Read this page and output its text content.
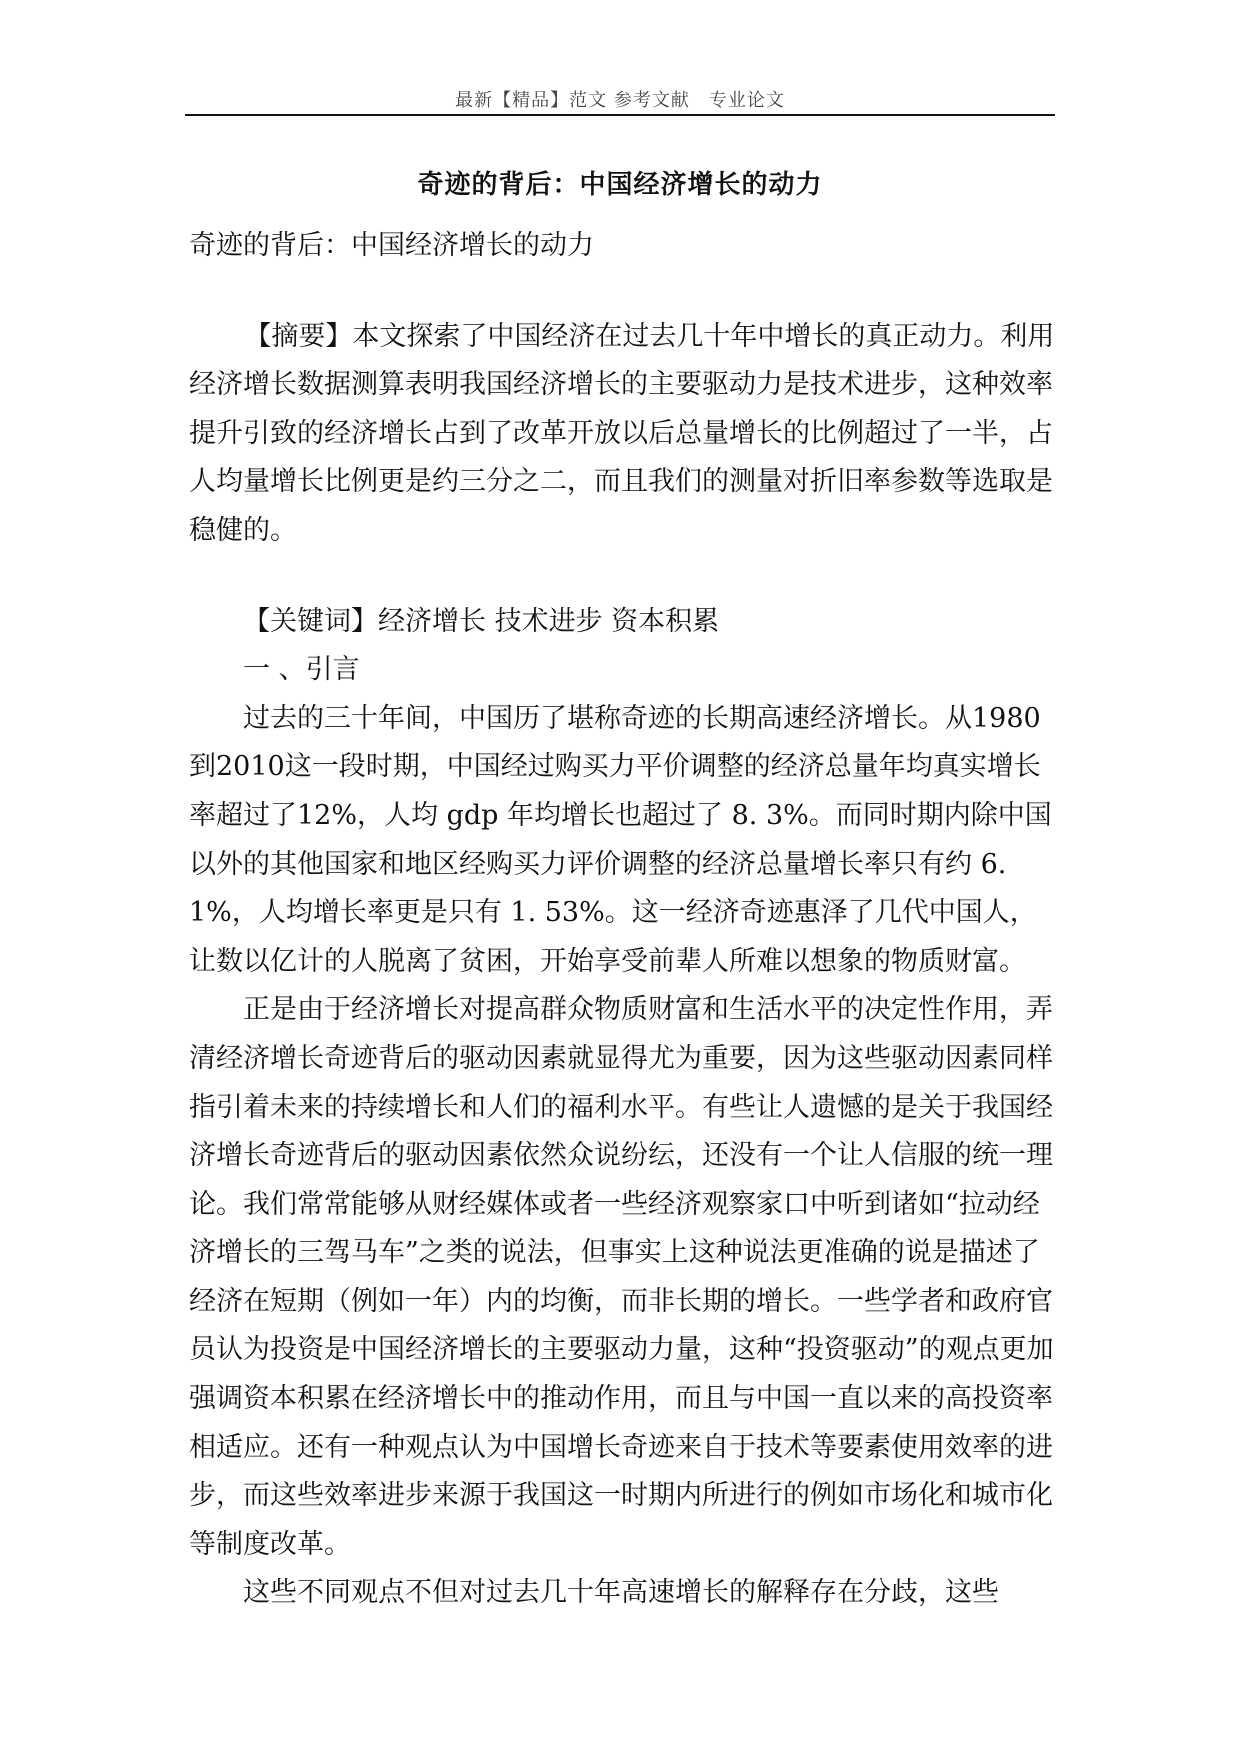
最新【精品】范文 参考文献　专业论文
奇迹的背后：中国经济增长的动力

奇迹的背后：中国经济增长的动力

【摘要】本文探索了中国经济在过去几十年中增长的真正动力。利用经济增长数据测算表明我国经济增长的主要驱动力是技术进步，这种效率提升引致的经济增长占到了改革开放以后总量增长的比例超过了一半，占人均量增长比例更是约三分之二，而且我们的测量对折旧率参数等选取是稳健的。

【关键词】经济增长 技术进步 资本积累

一 、引言

过去的三十年间，中国历了堪称奇迹的长期高速经济增长。从1980到2010这一段时期，中国经过购买力平价调整的经济总量年均真实增长率超过了12%，人均 gdp 年均增长也超过了 8. 3%。而同时期内除中国以外的其他国家和地区经购买力评价调整的经济总量增长率只有约 6. 1%，人均增长率更是只有 1. 53%。这一经济奇迹惠泽了几代中国人，让数以亿计的人脱离了贫困，开始享受前辈人所难以想象的物质财富。

正是由于经济增长对提高群众物质财富和生活水平的决定性作用，弄清经济增长奇迹背后的驱动因素就显得尤为重要，因为这些驱动因素同样指引着未来的持续增长和人们的福利水平。有些让人遗憾的是关于我国经济增长奇迹背后的驱动因素依然众说纷纭，还没有一个让人信服的统一理论。我们常常能够从财经媒体或者一些经济观察家口中听到诸如“拉动经济增长的三驾马车”之类的说法，但事实上这种说法更准确的说是描述了经济在短期（例如一年）内的均衡，而非长期的增长。一些学者和政府官员认为投资是中国经济增长的主要驱动力量，这种“投资驱动”的观点更加强调资本积累在经济增长中的推动作用，而且与中国一直以来的高投资率相适应。还有一种观点认为中国增长奇迹来自于技术等要素使用效率的进步，而这些效率进步来源于我国这一时期内所进行的例如市场化和城市化等制度改革。

这些不同观点不但对过去几十年高速增长的解释存在分歧，这些
